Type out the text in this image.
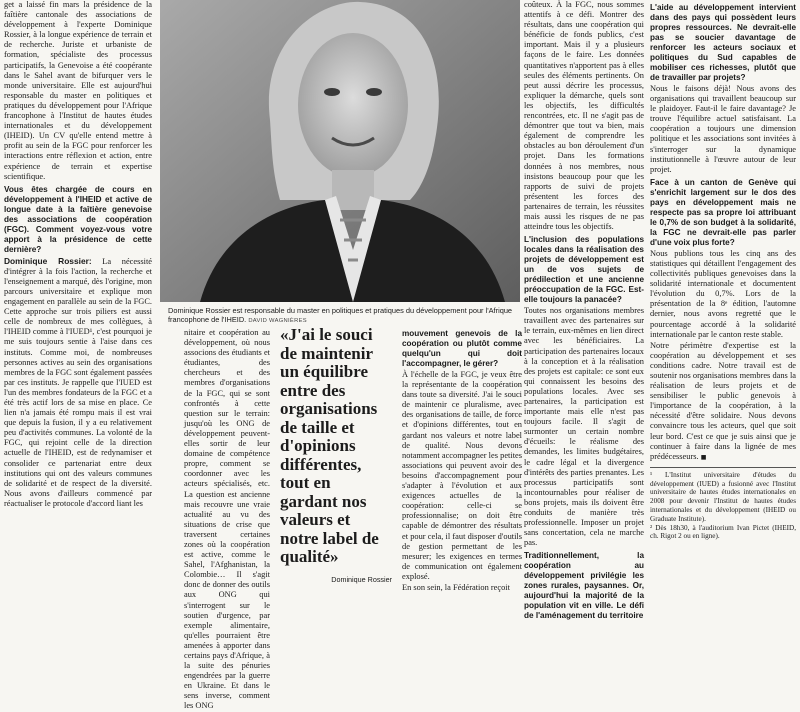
get a laissé fin mars la présidence de la faîtière cantonale des associations de développement à l'experte Dominique Rossier, à la longue expérience de terrain et de recherche. Juriste et urbaniste de formation, spécialiste des processus participatifs, la Genevoise a été coopérante dans le Sahel avant de bifurquer vers le monde universitaire. Elle est aujourd'hui responsable du master en politiques et pratiques du développement pour l'Afrique francophone à l'Institut de hautes études internationales et du développement (IHEID). Un CV qu'elle entend mettre à profit au sein de la FGC pour renforcer les interactions entre réflexion et action, entre expérience de terrain et expertise scientifique.

Vous êtes chargée de cours en développement à l'IHEID et active de longue date à la faîtière genevoise des associations de coopération (FGC). Comment voyez-vous votre apport à la présidence de cette dernière?

Dominique Rossier: La nécessité d'intégrer à la fois l'action, la recherche et l'enseignement a marqué, dès l'origine, mon parcours universitaire et explique mon engagement en parallèle au sein de la FGC. Cette approche sur trois piliers est aussi celle de nombreux de mes collègues, à l'IHEID comme à l'IUED¹, c'est pourquoi je me suis toujours sentie à l'aise dans ces instituts. Comme moi, de nombreuses personnes actives au sein des organisations membres de la FGC sont également passées par ces instituts. Je rappelle que l'IUED est l'un des membres fondateurs de la FGC et a été très actif lors de sa mise en place. Ce lien n'a jamais été rompu mais il est vrai que depuis la fusion, il y a eu relativement peu d'activités communes. La volonté de la FGC, qui rejoint celle de la direction actuelle de l'IHEID, est de redynamiser et consolider ce partenariat entre deux institutions qui ont des valeurs communes de solidarité et de respect de la diversité. Nous avons d'ailleurs commencé par réactualiser le protocole d'accord liant les

Dominique Rossier est responsable du master en politiques et pratiques du développement pour l'Afrique francophone de l'IHEID. DAVID WAGNIÈRES

nitaire et coopération au développement, où nous associons des étudiants et étudiantes, des chercheurs et des membres d'organisations de la FGC, qui se sont confrontés à cette question sur le terrain: jusqu'où les ONG de développement peuvent-elles sortir de leur domaine de compétence propre, comment se coordonner avec les acteurs spécialisés, etc. La question est ancienne mais recouvre une vraie actualité au vu des situations de crise que traversent certaines zones où la coopération est active, comme le Sahel, l'Afghanistan, la Colombie… Il s'agit donc de donner des outils aux ONG qui s'interrogent sur le soutien d'urgence, par exemple alimentaire, qu'elles pourraient être amenées à apporter dans certains pays d'Afrique, à la suite des pénuries engendrées par la guerre en Ukraine. Et dans le sens inverse, comment les ONG

«J'ai le souci de maintenir un équilibre entre des organisations de taille et d'opinions différentes, tout en gardant nos valeurs et notre label de qualité»

Dominique Rossier

mouvement genevois de la coopération ou plutôt comme quelqu'un qui doit l'accompagner, le gérer?

À l'échelle de la FGC, je veux être la représentante de la coopération dans toute sa diversité. J'ai le souci de maintenir ce pluralisme, avec des organisations de taille, de force et d'opinions différentes, tout en gardant nos valeurs et notre label de qualité. Nous devons notamment accompagner les petites associations qui peuvent avoir des besoins d'accompagnement pour s'adapter à l'évolution et aux exigences actuelles de la coopération: celle-ci se professionnalise; on doit être capable de démontrer des résultats et pour cela, il faut disposer d'outils de gestion permettant de les mesurer; les exigences en termes de communication ont également explosé.

En son sein, la Fédération reçoit

coûteux. À la FGC, nous sommes attentifs à ce défi. Montrer des résultats, dans une coopération qui bénéficie de fonds publics, c'est important. Mais il y a plusieurs façons de le faire. Les données quantitatives n'apportent pas à elles seules des éléments pertinents. On peut aussi décrire les processus, expliquer la démarche, quels sont les objectifs, les difficultés rencontrées, etc. Il ne s'agit pas de démontrer que tout va bien, mais également de comprendre les obstacles au bon déroulement d'un projet. Dans les formations données à nos membres, nous insistons beaucoup pour que les rapports de suivi de projets présentent les forces des partenaires de terrain, les réussites mais aussi les risques de ne pas atteindre tous les objectifs.

L'inclusion des populations locales dans la réalisation des projets de développement est un de vos sujets de prédilection et une ancienne préoccupation de la FGC. Est-elle toujours la panacée?

Toutes nos organisations membres travaillent avec des partenaires sur le terrain, eux-mêmes en lien direct avec les bénéficiaires. La participation des partenaires locaux à la conception et à la réalisation des projets est capitale: ce sont eux qui connaissent les besoins des populations locales. Avec ses partenaires, la participation est importante mais elle n'est pas toujours facile. Il s'agit de surmonter un certain nombre d'écueils: le réalisme des demandes, les limites budgétaires, le cadre légal et la divergence d'intérêts des parties prenantes. Les processus participatifs sont incontournables pour réaliser de bons projets, mais ils doivent être conduits de manière très professionnelle. Imposer un projet sans concertation, cela ne marche pas.

Traditionnellement, la coopération au développement privilégie les zones rurales, paysannes. Or, aujourd'hui la majorité de la population vit en ville. Le défi de l'aménagement du territoire

L'aide au développement intervient dans des pays qui possèdent leurs propres ressources. Ne devrait-elle pas se soucier davantage de renforcer les acteurs sociaux et politiques du Sud capables de mobiliser ces richesses, plutôt que de travailler par projets?

Nous le faisons déjà! Nous avons des organisations qui travaillent beaucoup sur le plaidoyer. Faut-il le faire davantage? Je trouve l'équilibre actuel satisfaisant. La coopération a toujours une dimension politique et les associations sont invitées à s'interroger sur la dynamique institutionnelle à l'œuvre autour de leur projet.

Face à un canton de Genève qui s'enrichit largement sur le dos des pays en développement mais ne respecte pas sa propre loi attribuant le 0,7% de son budget à la solidarité, la FGC ne devrait-elle pas parler d'une voix plus forte?

Nous publions tous les cinq ans des statistiques qui détaillent l'engagement des collectivités publiques genevoises dans la solidarité internationale et documentent l'évolution du 0,7%. Lors de la présentation de la 8ᵉ édition, l'automne dernier, nous avons regretté que le pourcentage accordé à la solidarité internationale par le canton reste stable.

Notre périmètre d'expertise est la coopération au développement et ses conditions cadre. Notre travail est de soutenir nos organisations membres dans la réalisation de leurs projets et de sensibiliser le public genevois à l'importance de la coopération, à la nécessité d'être solidaire. Nous devons convaincre tous les acteurs, quel que soit leur bord. C'est ce que je suis ainsi que je continuer à faire dans la lignée de mes prédécesseurs. ■

¹ L'Institut universitaire d'études du développement (IUED) a fusionné avec l'Institut universitaire de hautes études internationales en 2008 pour devenir l'Institut de hautes études internationales et du développement (IHEID ou Graduate Institute).
² Dès 18h30, à l'auditorium Ivan Pictet (IHEID, ch. Rigot 2 ou en ligne).
